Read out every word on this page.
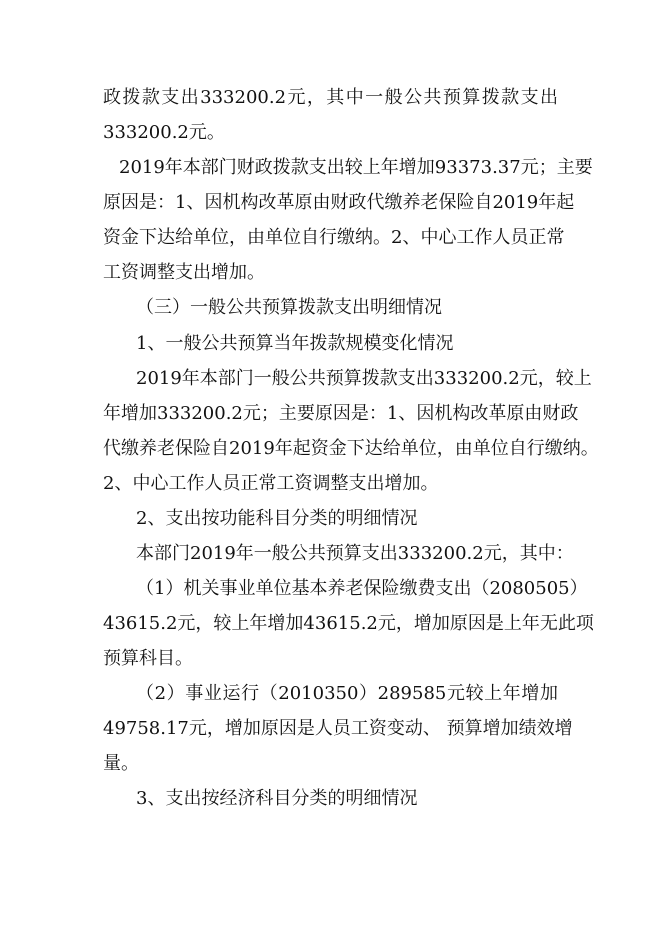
政拨款支出333200.2元，其中一般公共预算拨款支出
333200.2元。
2019年本部门财政拨款支出较上年增加93373.37元；主要
原因是：1、因机构改革原由财政代缴养老保险自2019年起
资金下达给单位，由单位自行缴纳。2、中心工作人员正常
工资调整支出增加。
（三）一般公共预算拨款支出明细情况
1、一般公共预算当年拨款规模变化情况
2019年本部门一般公共预算拨款支出333200.2元，较上
年增加333200.2元；主要原因是：1、因机构改革原由财政
代缴养老保险自2019年起资金下达给单位，由单位自行缴纳。
2、中心工作人员正常工资调整支出增加。
2、支出按功能科目分类的明细情况
本部门2019年一般公共预算支出333200.2元，其中：
（1）机关事业单位基本养老保险缴费支出（2080505）
43615.2元，较上年增加43615.2元，增加原因是上年无此项
预算科目。
（2）事业运行（2010350）289585元较上年增加
49758.17元，增加原因是人员工资变动、 预算增加绩效增
量。
3、支出按经济科目分类的明细情况
